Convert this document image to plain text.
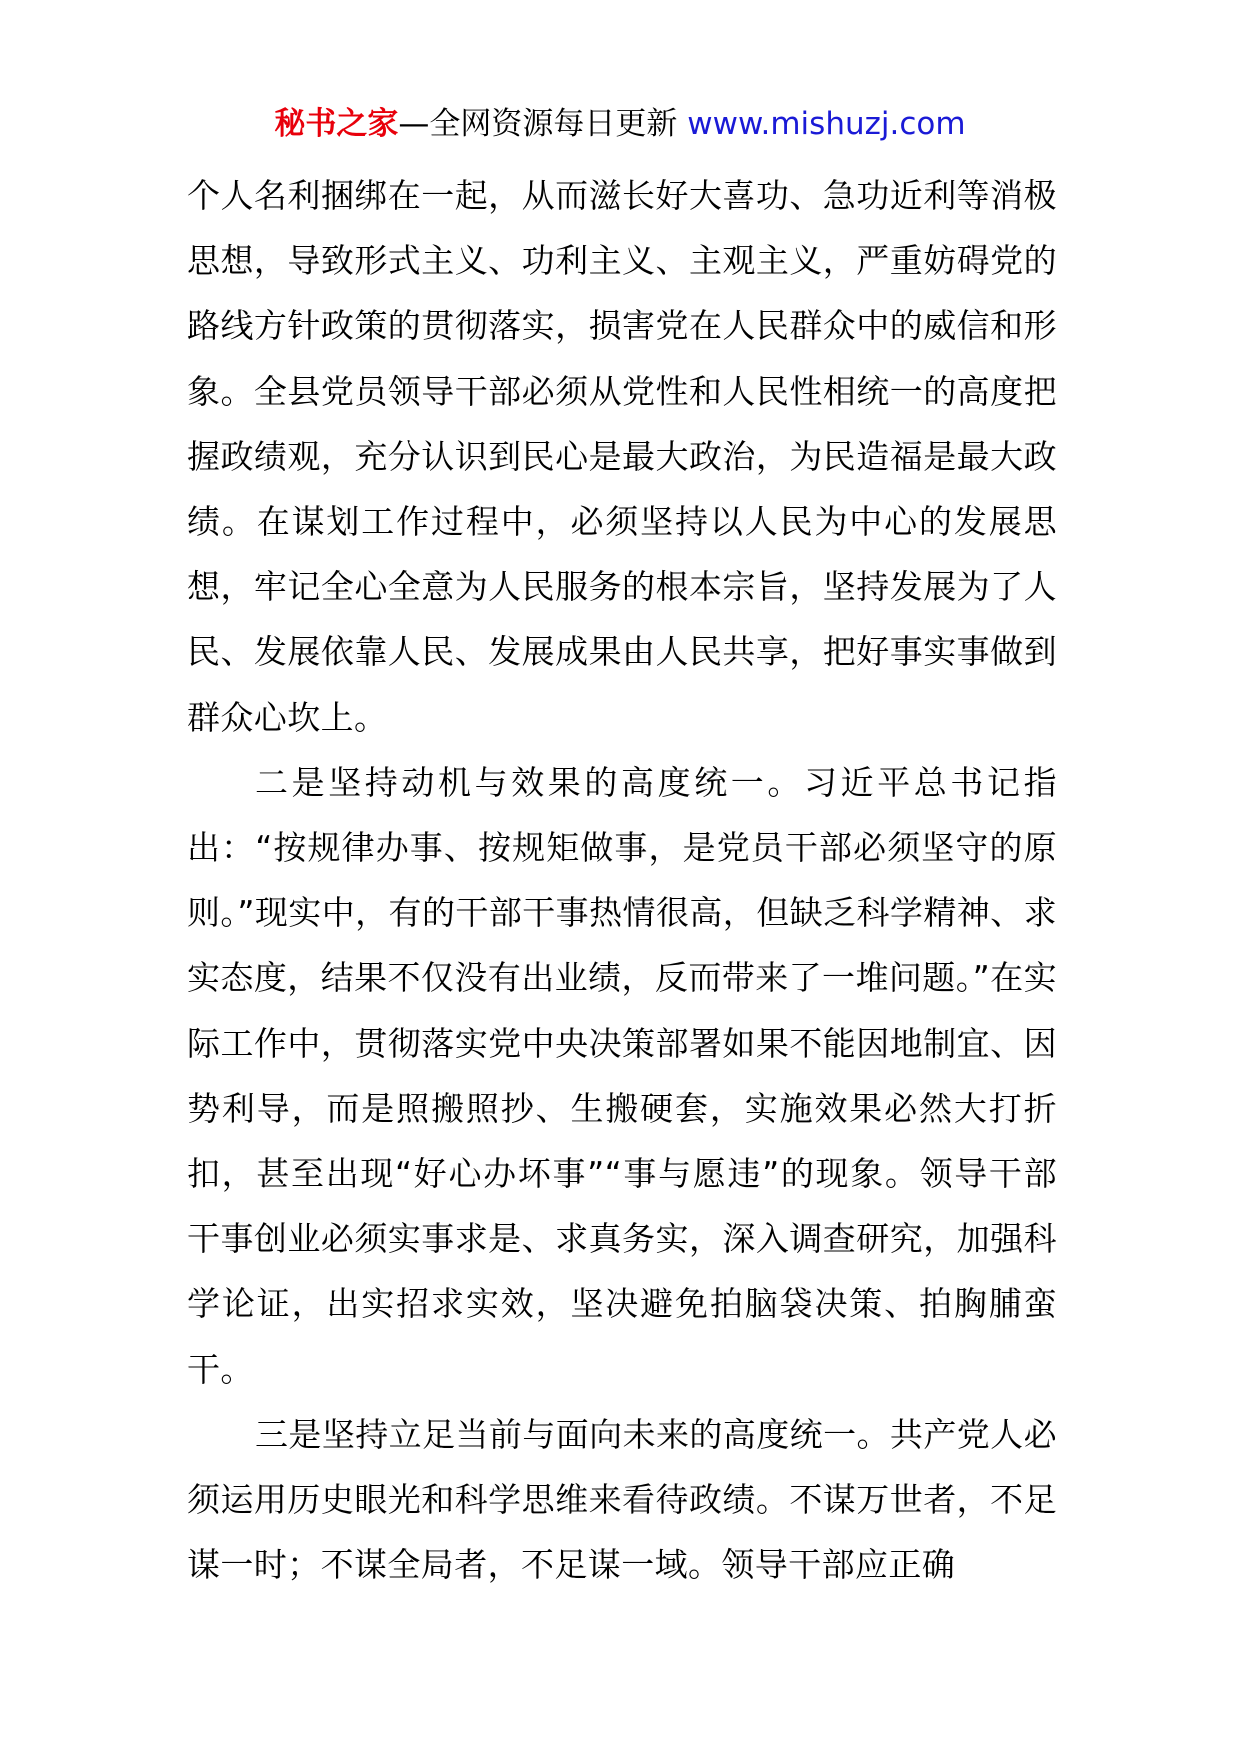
秘书之家—全网资源每日更新 www.mishuzj.com

个人名利捆绑在一起，从而滋长好大喜功、急功近利等消极思想，导致形式主义、功利主义、主观主义，严重妨碍党的路线方针政策的贯彻落实，损害党在人民群众中的威信和形象。全县党员领导干部必须从党性和人民性相统一的高度把握政绩观，充分认识到民心是最大政治，为民造福是最大政绩。在谋划工作过程中，必须坚持以人民为中心的发展思想，牢记全心全意为人民服务的根本宗旨，坚持发展为了人民、发展依靠人民、发展成果由人民共享，把好事实事做到群众心坎上。

二是坚持动机与效果的高度统一。习近平总书记指出：“按规律办事、按规矩做事，是党员干部必须坚守的原则。”现实中，有的干部干事热情很高，但缺乏科学精神、求实态度，结果不仅没有出业绩，反而带来了一堆问题。”在实际工作中，贯彻落实党中央决策部署如果不能因地制宜、因势利导，而是照搬照抄、生搬硬套，实施效果必然大打折扣，甚至出现“好心办坏事”“事与愿违”的现象。领导干部干事创业必须实事求是、求真务实，深入调查研究，加强科学论证，出实招求实效，坚决避免拍脑袋决策、拍胸脯蛮干。

三是坚持立足当前与面向未来的高度统一。共产党人必须运用历史眼光和科学思维来看待政绩。不谋万世者，不足谋一时；不谋全局者，不足谋一域。领导干部应正确
